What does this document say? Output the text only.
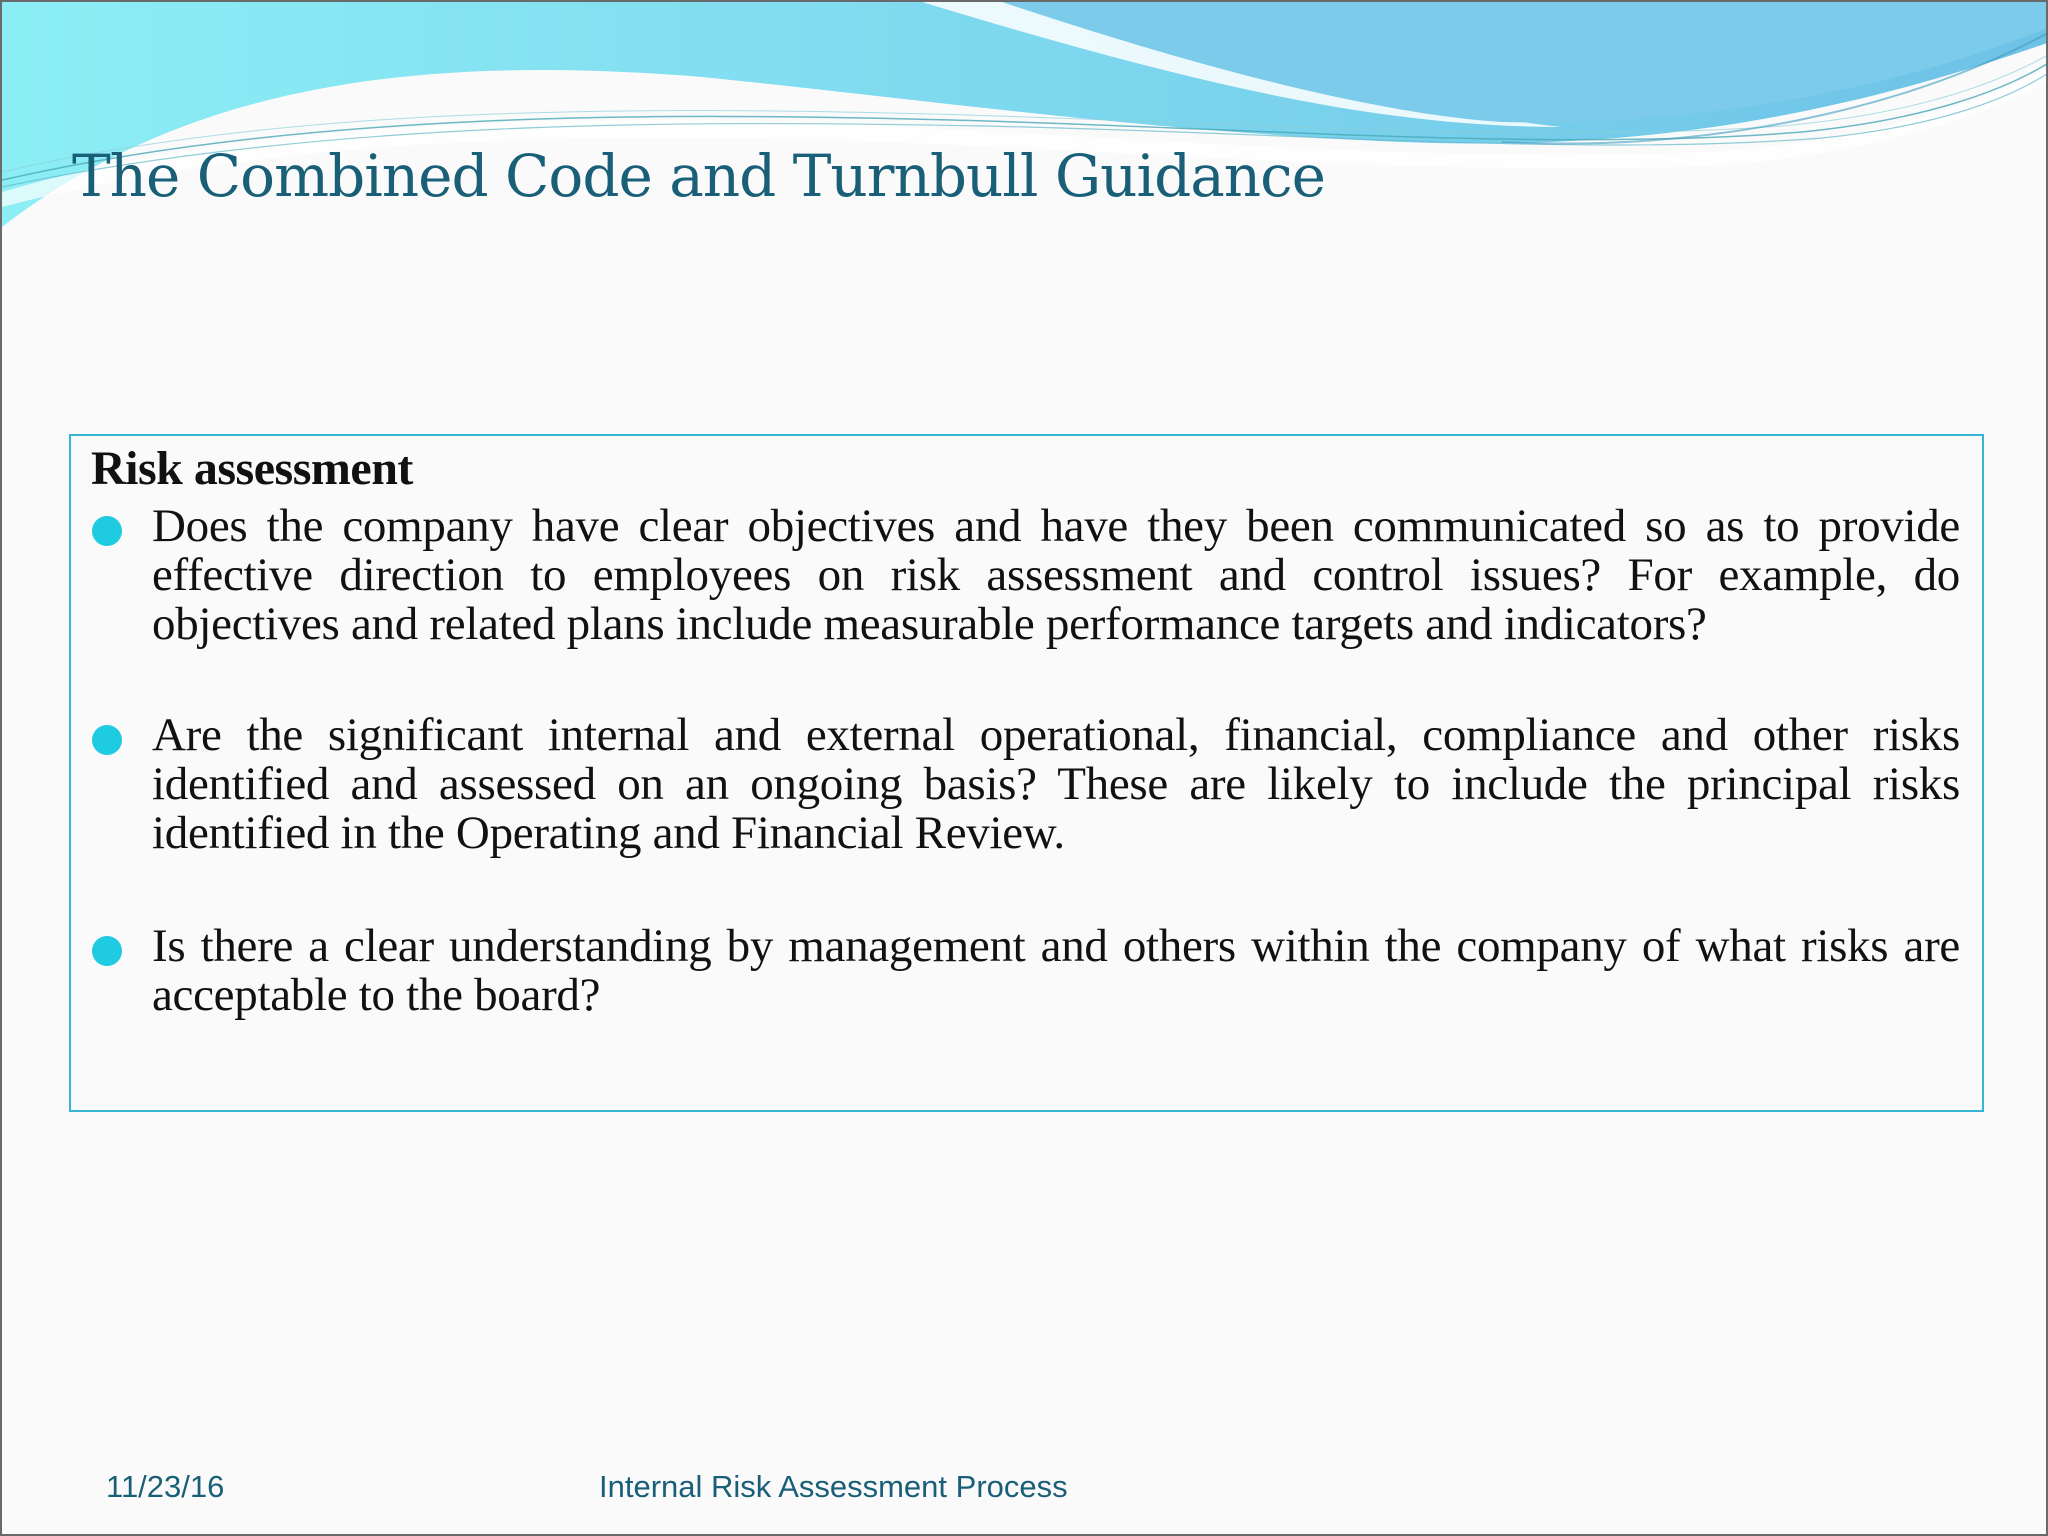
The Combined Code and Turnbull Guidance
Risk assessment
Does the company have clear objectives and have they been communicated so as to provide effective direction to employees on risk assessment and control issues? For example, do objectives and related plans include measurable performance targets and indicators?
Are the significant internal and external operational, financial, compliance and other risks identified and assessed on an ongoing basis? These are likely to include the principal risks identified in the Operating and Financial Review.
Is there a clear understanding by management and others within the company of what risks are acceptable to the board?
11/23/16	Internal Risk Assessment Process
